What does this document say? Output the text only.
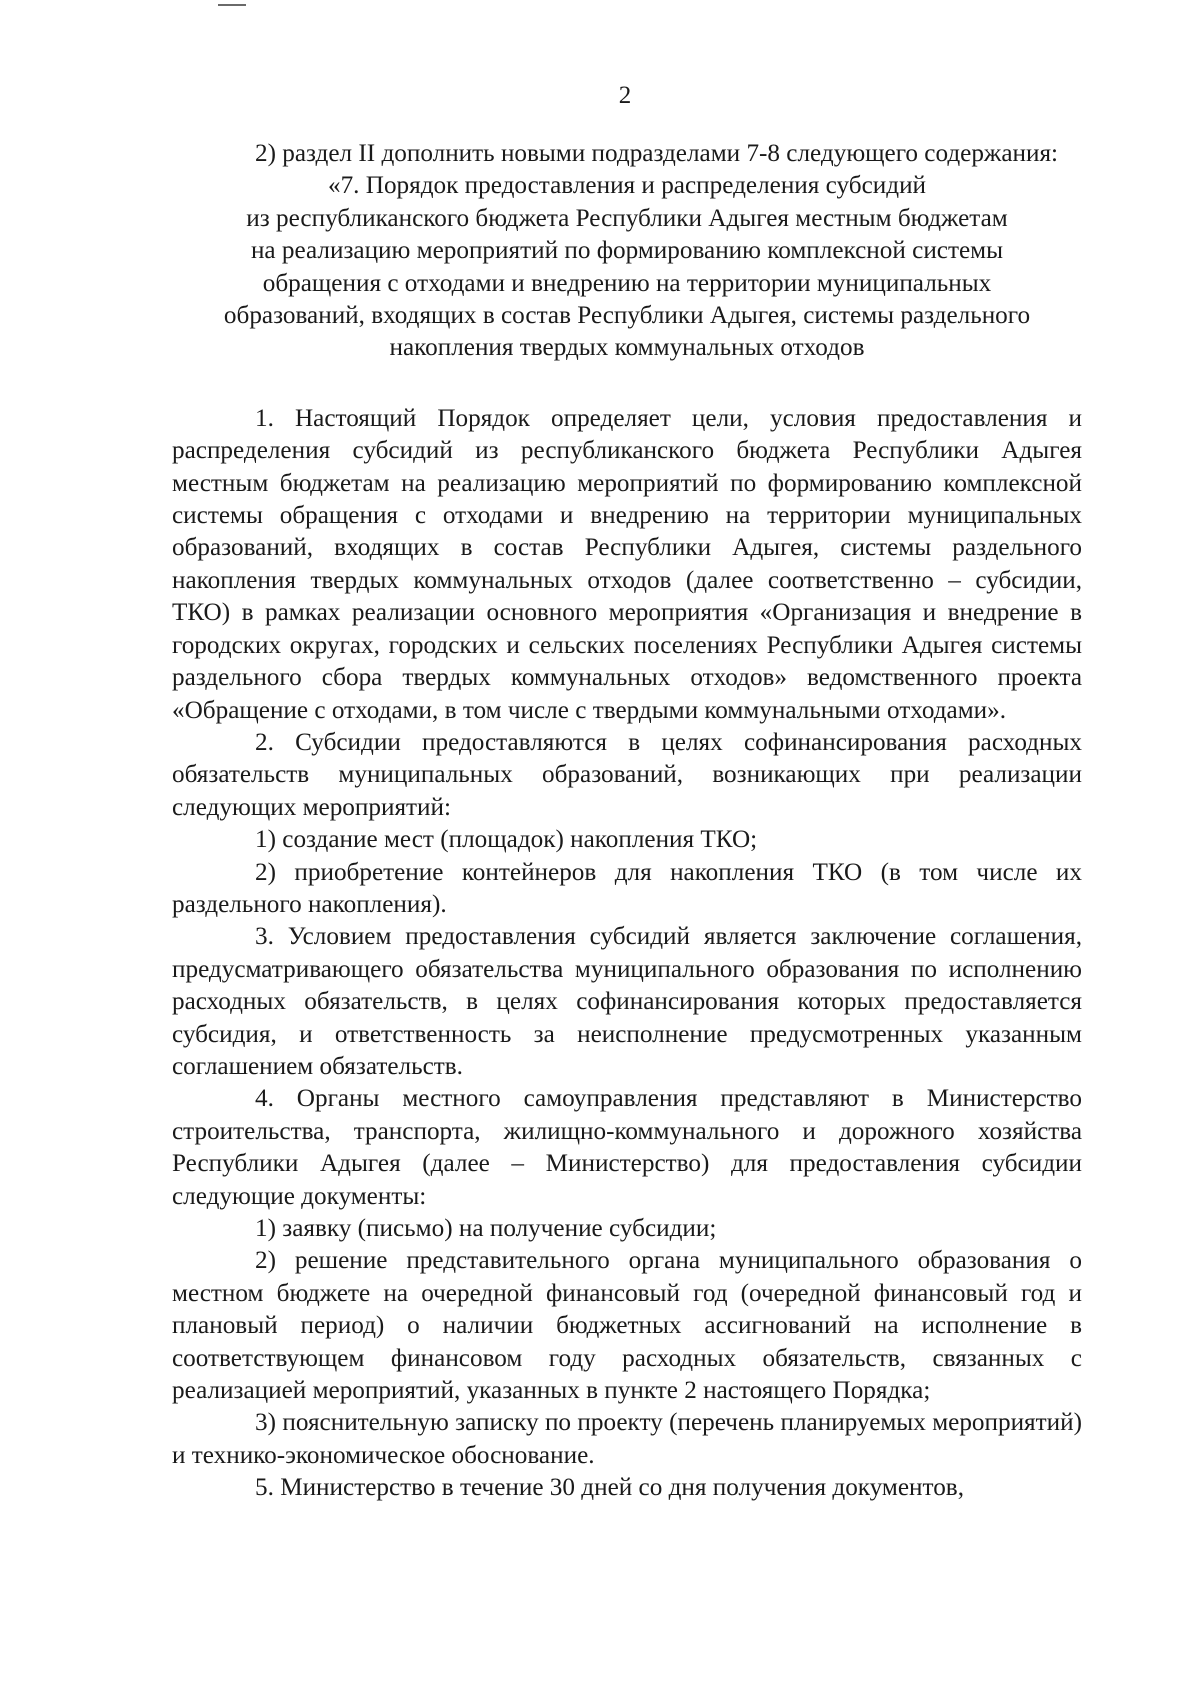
2

2) раздел II дополнить новыми подразделами 7-8 следующего содержания:

«7. Порядок предоставления и распределения субсидий
из республиканского бюджета Республики Адыгея местным бюджетам
на реализацию мероприятий по формированию комплексной системы
обращения с отходами и внедрению на территории муниципальных
образований, входящих в состав Республики Адыгея, системы раздельного
накопления твердых коммунальных отходов

1. Настоящий Порядок определяет цели, условия предоставления и распределения субсидий из республиканского бюджета Республики Адыгея местным бюджетам на реализацию мероприятий по формированию комплексной системы обращения с отходами и внедрению на территории муниципальных образований, входящих в состав Республики Адыгея, системы раздельного накопления твердых коммунальных отходов (далее соответственно – субсидии, ТКО) в рамках реализации основного мероприятия «Организация и внедрение в городских округах, городских и сельских поселениях Республики Адыгея системы раздельного сбора твердых коммунальных отходов» ведомственного проекта «Обращение с отходами, в том числе с твердыми коммунальными отходами».

2. Субсидии предоставляются в целях софинансирования расходных обязательств муниципальных образований, возникающих при реализации следующих мероприятий:

1) создание мест (площадок) накопления ТКО;

2) приобретение контейнеров для накопления ТКО (в том числе их раздельного накопления).

3. Условием предоставления субсидий является заключение соглашения, предусматривающего обязательства муниципального образования по исполнению расходных обязательств, в целях софинансирования которых предоставляется субсидия, и ответственность за неисполнение предусмотренных указанным соглашением обязательств.

4. Органы местного самоуправления представляют в Министерство строительства, транспорта, жилищно-коммунального и дорожного хозяйства Республики Адыгея (далее – Министерство) для предоставления субсидии следующие документы:

1) заявку (письмо) на получение субсидии;

2) решение представительного органа муниципального образования о местном бюджете на очередной финансовый год (очередной финансовый год и плановый период) о наличии бюджетных ассигнований на исполнение в соответствующем финансовом году расходных обязательств, связанных с реализацией мероприятий, указанных в пункте 2 настоящего Порядка;

3) пояснительную записку по проекту (перечень планируемых мероприятий) и технико-экономическое обоснование.

5. Министерство в течение 30 дней со дня получения документов,
